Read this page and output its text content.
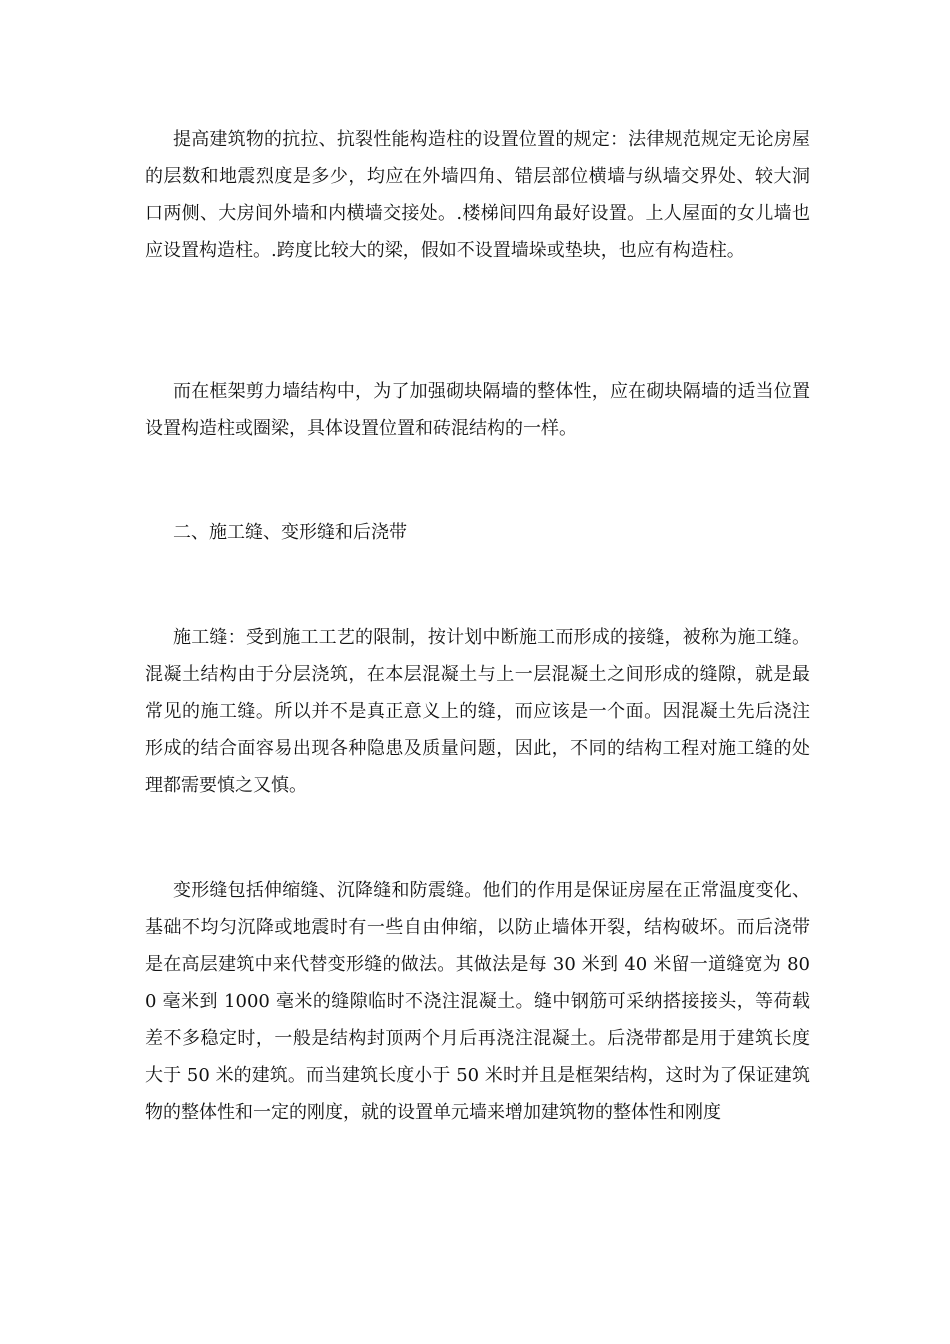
提高建筑物的抗拉、抗裂性能构造柱的设置位置的规定：法律规范规定无论房屋的层数和地震烈度是多少，均应在外墙四角、错层部位横墙与纵墙交界处、较大洞口两侧、大房间外墙和内横墙交接处。.楼梯间四角最好设置。上人屋面的女儿墙也应设置构造柱。.跨度比较大的梁，假如不设置墙垛或垫块，也应有构造柱。

而在框架剪力墙结构中，为了加强砌块隔墙的整体性，应在砌块隔墙的适当位置设置构造柱或圈梁，具体设置位置和砖混结构的一样。

二、施工缝、变形缝和后浇带

施工缝：受到施工工艺的限制，按计划中断施工而形成的接缝，被称为施工缝。混凝土结构由于分层浇筑，在本层混凝土与上一层混凝土之间形成的缝隙，就是最常见的施工缝。所以并不是真正意义上的缝，而应该是一个面。因混凝土先后浇注形成的结合面容易出现各种隐患及质量问题，因此，不同的结构工程对施工缝的处理都需要慎之又慎。

变形缝包括伸缩缝、沉降缝和防震缝。他们的作用是保证房屋在正常温度变化、基础不均匀沉降或地震时有一些自由伸缩，以防止墙体开裂，结构破坏。而后浇带是在高层建筑中来代替变形缝的做法。其做法是每 30 米到 40 米留一道缝宽为 800 毫米到 1000 毫米的缝隙临时不浇注混凝土。缝中钢筋可采纳搭接接头，等荷载差不多稳定时，一般是结构封顶两个月后再浇注混凝土。后浇带都是用于建筑长度大于 50 米的建筑。而当建筑长度小于 50 米时并且是框架结构，这时为了保证建筑物的整体性和一定的刚度，就的设置单元墙来增加建筑物的整体性和刚度
